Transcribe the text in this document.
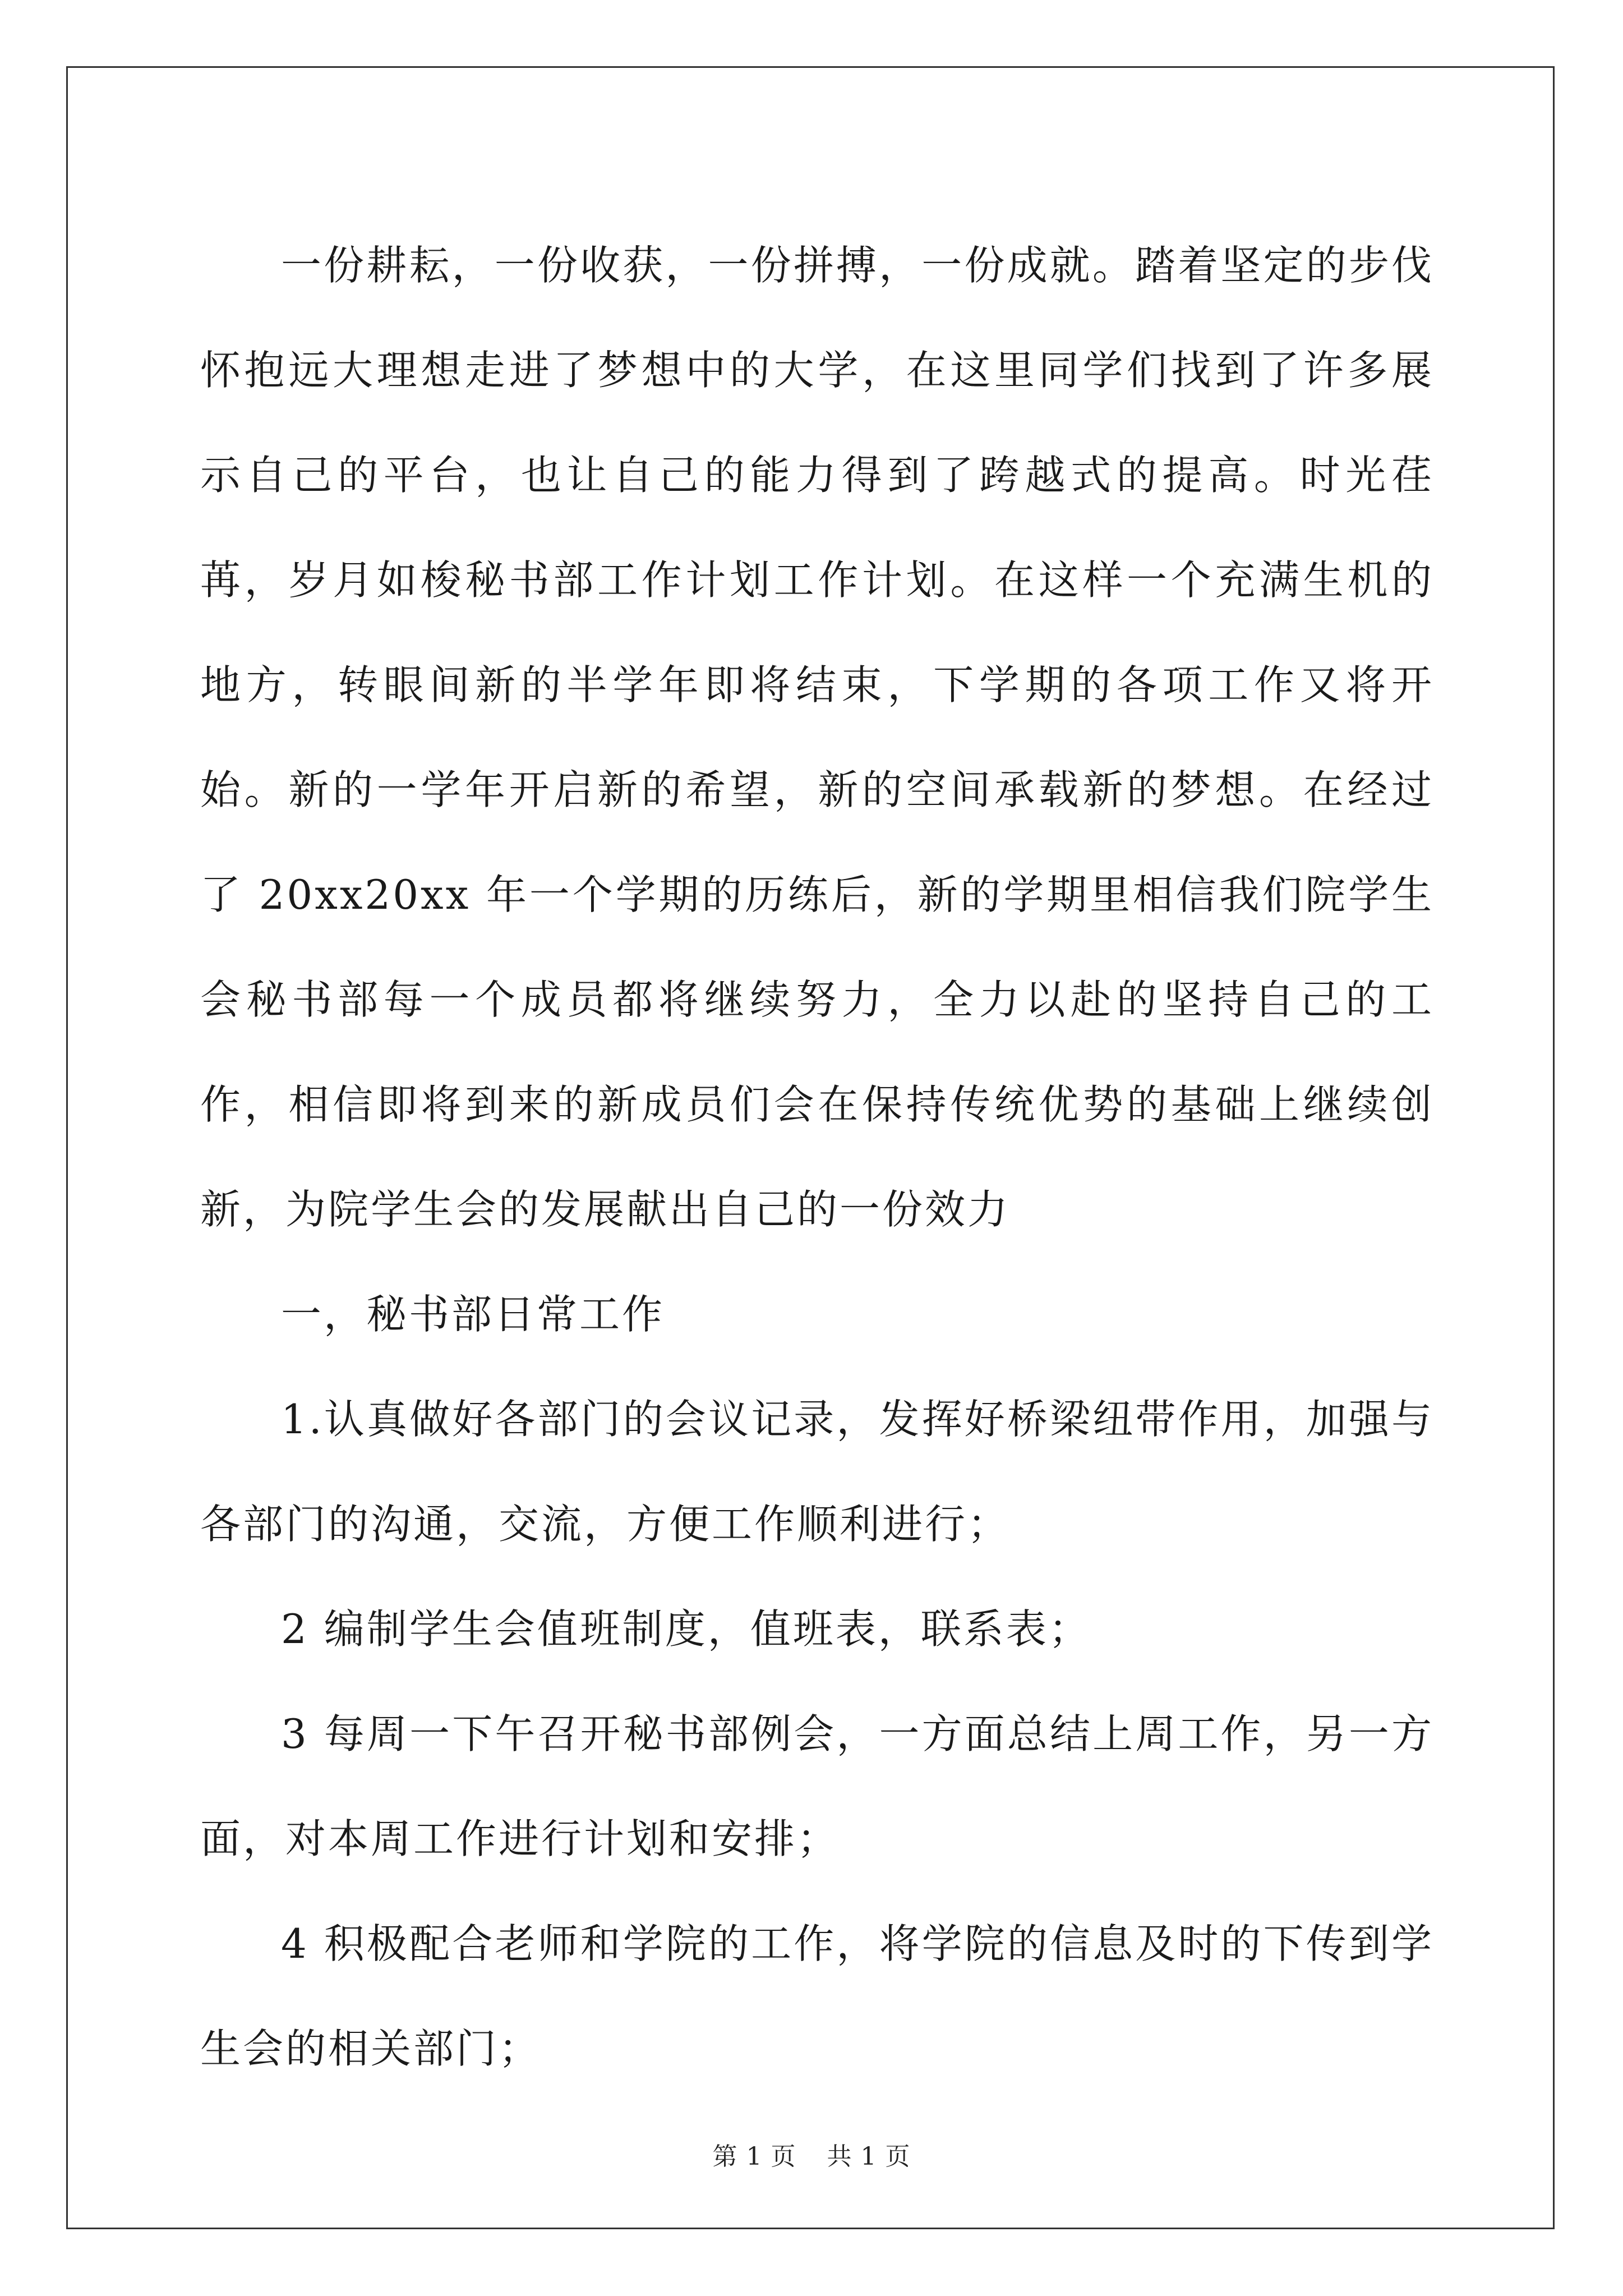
一份耕耘，一份收获，一份拼搏，一份成就。踏着坚定的步伐怀抱远大理想走进了梦想中的大学，在这里同学们找到了许多展示自己的平台，也让自己的能力得到了跨越式的提高。时光荏苒，岁月如梭秘书部工作计划工作计划。在这样一个充满生机的地方，转眼间新的半学年即将结束，下学期的各项工作又将开始。新的一学年开启新的希望，新的空间承载新的梦想。在经过了 20xx20xx 年一个学期的历练后，新的学期里相信我们院学生会秘书部每一个成员都将继续努力，全力以赴的坚持自己的工作，相信即将到来的新成员们会在保持传统优势的基础上继续创新，为院学生会的发展献出自己的一份效力

一，秘书部日常工作

1.认真做好各部门的会议记录，发挥好桥梁纽带作用，加强与各部门的沟通，交流，方便工作顺利进行；

2 编制学生会值班制度，值班表，联系表；

3 每周一下午召开秘书部例会，一方面总结上周工作，另一方面，对本周工作进行计划和安排；

4 积极配合老师和学院的工作，将学院的信息及时的下传到学生会的相关部门；

第 1 页 共 1 页
